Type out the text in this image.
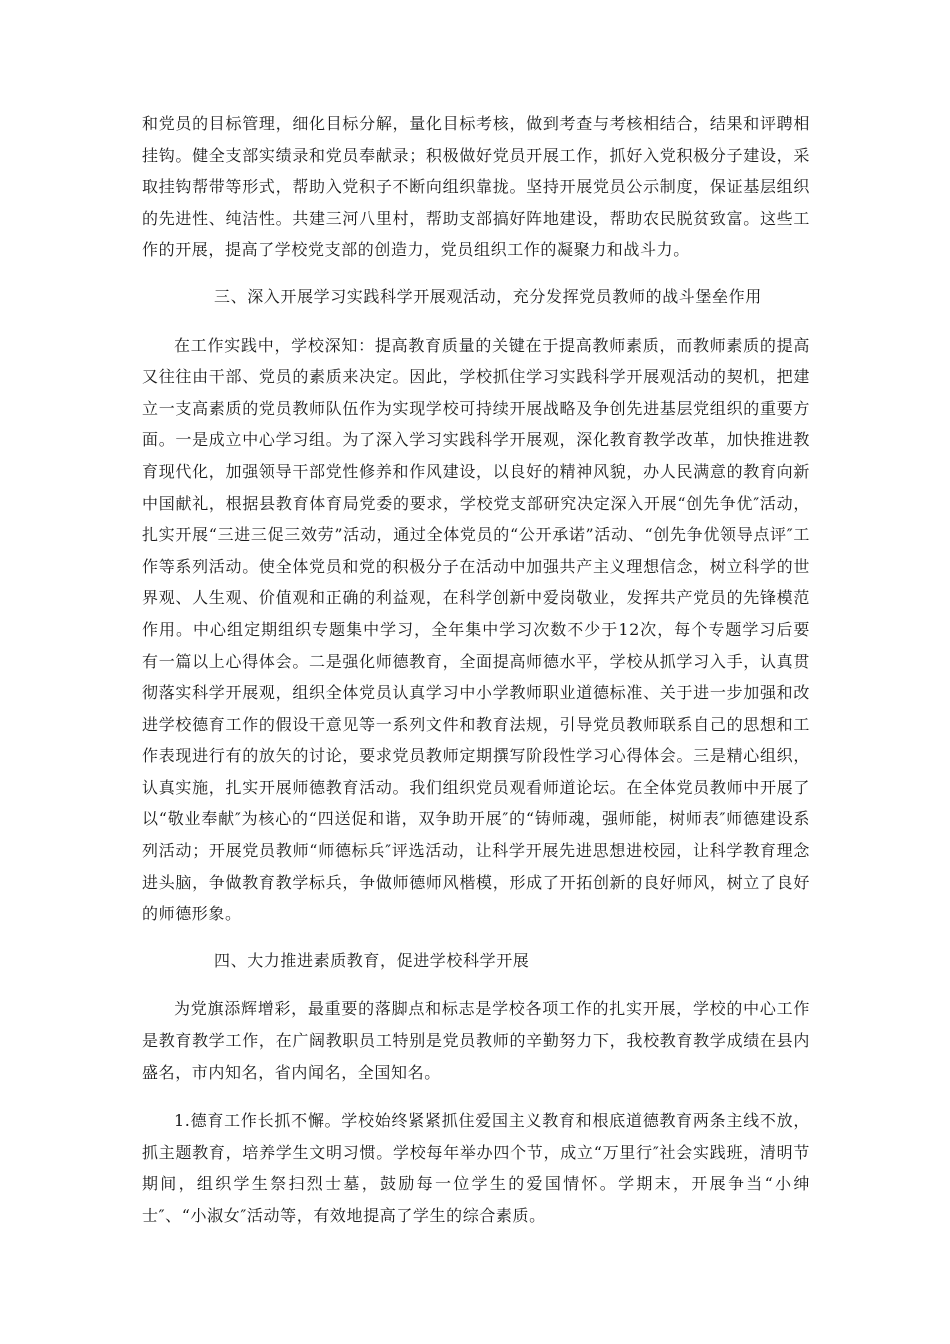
和党员的目标管理，细化目标分解，量化目标考核，做到考查与考核相结合，结果和评聘相挂钩。健全支部实绩录和党员奉献录；积极做好党员开展工作，抓好入党积极分子建设，采取挂钩帮带等形式，帮助入党积子不断向组织靠拢。坚持开展党员公示制度，保证基层组织的先进性、纯洁性。共建三河八里村，帮助支部搞好阵地建设，帮助农民脱贫致富。这些工作的开展，提高了学校党支部的创造力，党员组织工作的凝聚力和战斗力。

三、深入开展学习实践科学开展观活动，充分发挥党员教师的战斗堡垒作用

在工作实践中，学校深知：提高教育质量的关键在于提高教师素质，而教师素质的提高又往往由干部、党员的素质来决定。因此，学校抓住学习实践科学开展观活动的契机，把建立一支高素质的党员教师队伍作为实现学校可持续开展战略及争创先进基层党组织的重要方面。一是成立中心学习组。为了深入学习实践科学开展观，深化教育教学改革，加快推进教育现代化，加强领导干部党性修养和作风建设，以良好的精神风貌，办人民满意的教育向新中国献礼，根据县教育体育局党委的要求，学校党支部研究决定深入开展“创先争优″活动，扎实开展“三进三促三效劳”活动，通过全体党员的“公开承诺”活动、“创先争优领导点评″工作等系列活动。使全体党员和党的积极分子在活动中加强共产主义理想信念，树立科学的世界观、人生观、价值观和正确的利益观，在科学创新中爱岗敬业，发挥共产党员的先锋模范作用。中心组定期组织专题集中学习，全年集中学习次数不少于12次，每个专题学习后要有一篇以上心得体会。二是强化师德教育，全面提高师德水平，学校从抓学习入手，认真贯彻落实科学开展观，组织全体党员认真学习中小学教师职业道德标准、关于进一步加强和改进学校德育工作的假设干意见等一系列文件和教育法规，引导党员教师联系自己的思想和工作表现进行有的放矢的讨论，要求党员教师定期撰写阶段性学习心得体会。三是精心组织，认真实施，扎实开展师德教育活动。我们组织党员观看师道论坛。在全体党员教师中开展了以“敬业奉献″为核心的“四送促和谐，双争助开展″的“铸师魂，强师能，树师表″师德建设系列活动；开展党员教师“师德标兵″评选活动，让科学开展先进思想进校园，让科学教育理念进头脑，争做教育教学标兵，争做师德师风楷模，形成了开拓创新的良好师风，树立了良好的师德形象。

四、大力推进素质教育，促进学校科学开展

为党旗添辉增彩，最重要的落脚点和标志是学校各项工作的扎实开展，学校的中心工作是教育教学工作，在广阔教职员工特别是党员教师的辛勤努力下，我校教育教学成绩在县内盛名，市内知名，省内闻名，全国知名。

1.德育工作长抓不懈。学校始终紧紧抓住爱国主义教育和根底道德教育两条主线不放，抓主题教育，培养学生文明习惯。学校每年举办四个节，成立“万里行″社会实践班，清明节期间，组织学生祭扫烈士墓，鼓励每一位学生的爱国情怀。学期末，开展争当“小绅士″、“小淑女″活动等，有效地提高了学生的综合素质。
